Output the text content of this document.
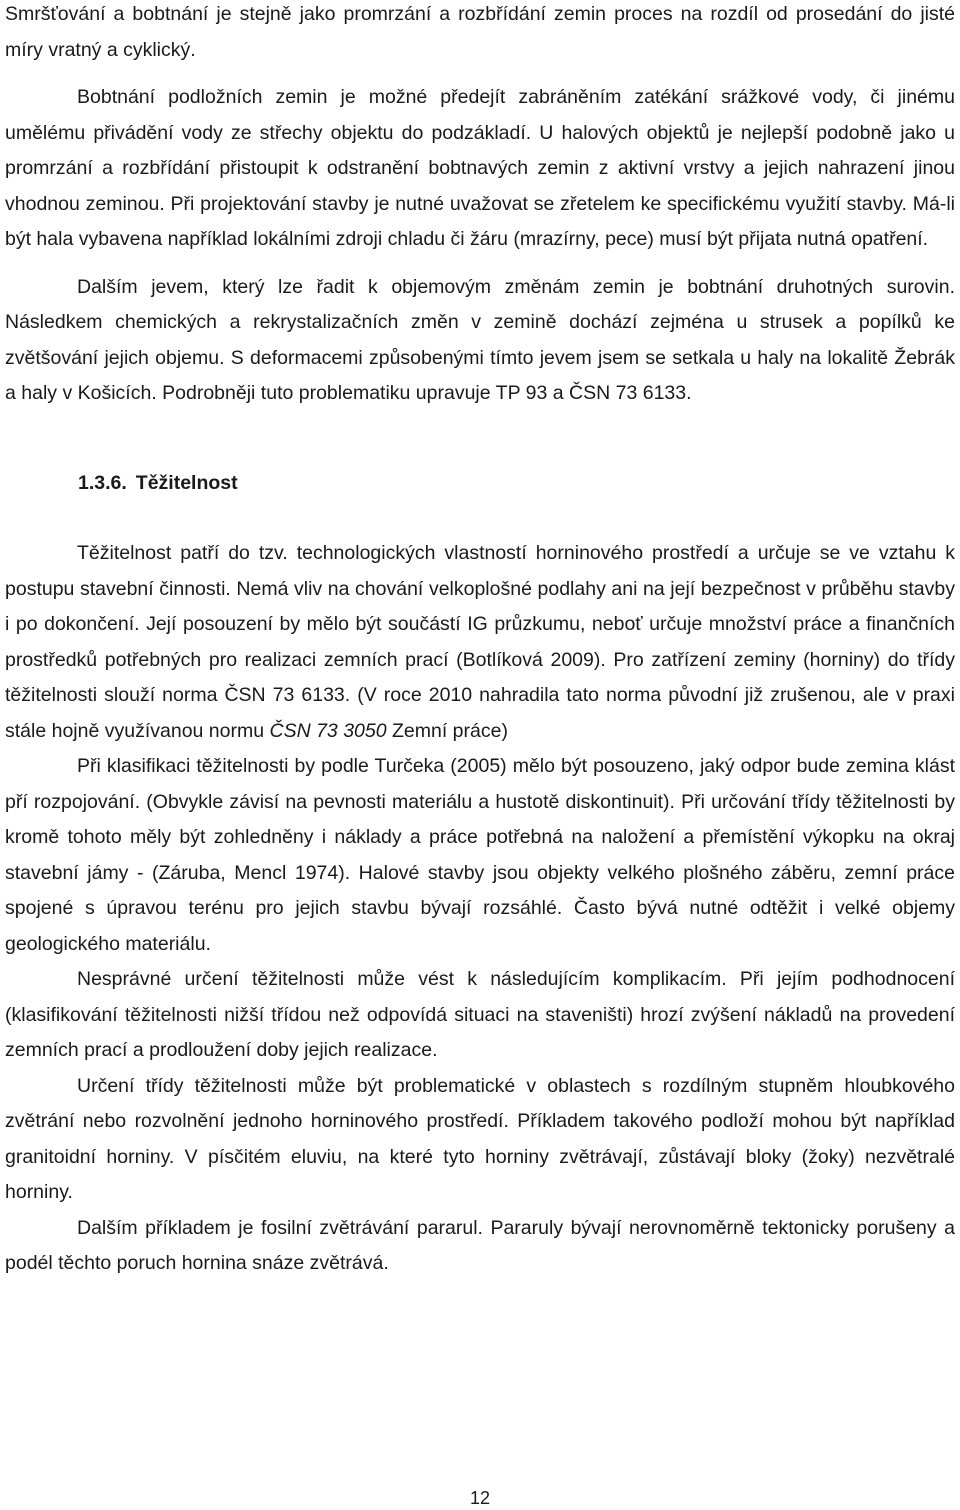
Smršťování a bobtnání je stejně jako promrzání a rozbřídání zemin proces na rozdíl od prosedání do jisté míry vratný a cyklický.

Bobtnání podložních zemin je možné předejít zabráněním zatékání srážkové vody, či jinému umělému přivádění vody ze střechy objektu do podzákladí. U halových objektů je nejlepší podobně jako u promrzání a rozbřídání přistoupit k odstranění bobtnavých zemin z aktivní vrstvy a jejich nahrazení jinou vhodnou zeminou. Při projektování stavby je nutné uvažovat se zřetelem ke specifickému využití stavby. Má-li být hala vybavena například lokálními zdroji chladu či žáru (mrazírny, pece) musí být přijata nutná opatření.

Dalším jevem, který lze řadit k objemovým změnám zemin je bobtnání druhotných surovin. Následkem chemických a rekrystalizačních změn v zemině dochází zejména u strusek a popílků ke zvětšování jejich objemu. S deformacemi způsobenými tímto jevem jsem se setkala u haly na lokalitě Žebrák a haly v Košicích. Podrobněji tuto problematiku upravuje TP 93 a ČSN 73 6133.

1.3.6. Těžitelnost

Těžitelnost patří do tzv. technologických vlastností horninového prostředí a určuje se ve vztahu k postupu stavební činnosti. Nemá vliv na chování velkoplošné podlahy ani na její bezpečnost v průběhu stavby i po dokončení. Její posouzení by mělo být součástí IG průzkumu, neboť určuje množství práce a finančních prostředků potřebných pro realizaci zemních prací (Botlíková 2009). Pro zatřízení zeminy (horniny) do třídy těžitelnosti slouží norma ČSN 73 6133. (V roce 2010 nahradila tato norma původní již zrušenou, ale v praxi stále hojně využívanou normu ČSN 73 3050 Zemní práce)

Při klasifikaci těžitelnosti by podle Turčeka (2005) mělo být posouzeno, jaký odpor bude zemina klást pří rozpojování. (Obvykle závisí na pevnosti materiálu a hustotě diskontinuit). Při určování třídy těžitelnosti by kromě tohoto měly být zohledněny i náklady a práce potřebná na naložení a přemístění výkopku na okraj stavební jámy - (Záruba, Mencl 1974). Halové stavby jsou objekty velkého plošného záběru, zemní práce spojené s úpravou terénu pro jejich stavbu bývají rozsáhlé. Často bývá nutné odtěžit i velké objemy geologického materiálu.

Nesprávné určení těžitelnosti může vést k následujícím komplikacím. Při jejím podhodnocení (klasifikování těžitelnosti nižší třídou než odpovídá situaci na staveništi) hrozí zvýšení nákladů na provedení zemních prací a prodloužení doby jejich realizace.

Určení třídy těžitelnosti může být problematické v oblastech s rozdílným stupněm hloubkového zvětrání nebo rozvolnění jednoho horninového prostředí. Příkladem takového podloží mohou být například granitoidní horniny. V písčitém eluviu, na které tyto horniny zvětrávají, zůstávají bloky (žoky) nezvětralé horniny.

Dalším příkladem je fosilní zvětrávání pararul. Pararuly bývají nerovnoměrně tektonicky porušeny a podél těchto poruch hornina snáze zvětrává.

12
